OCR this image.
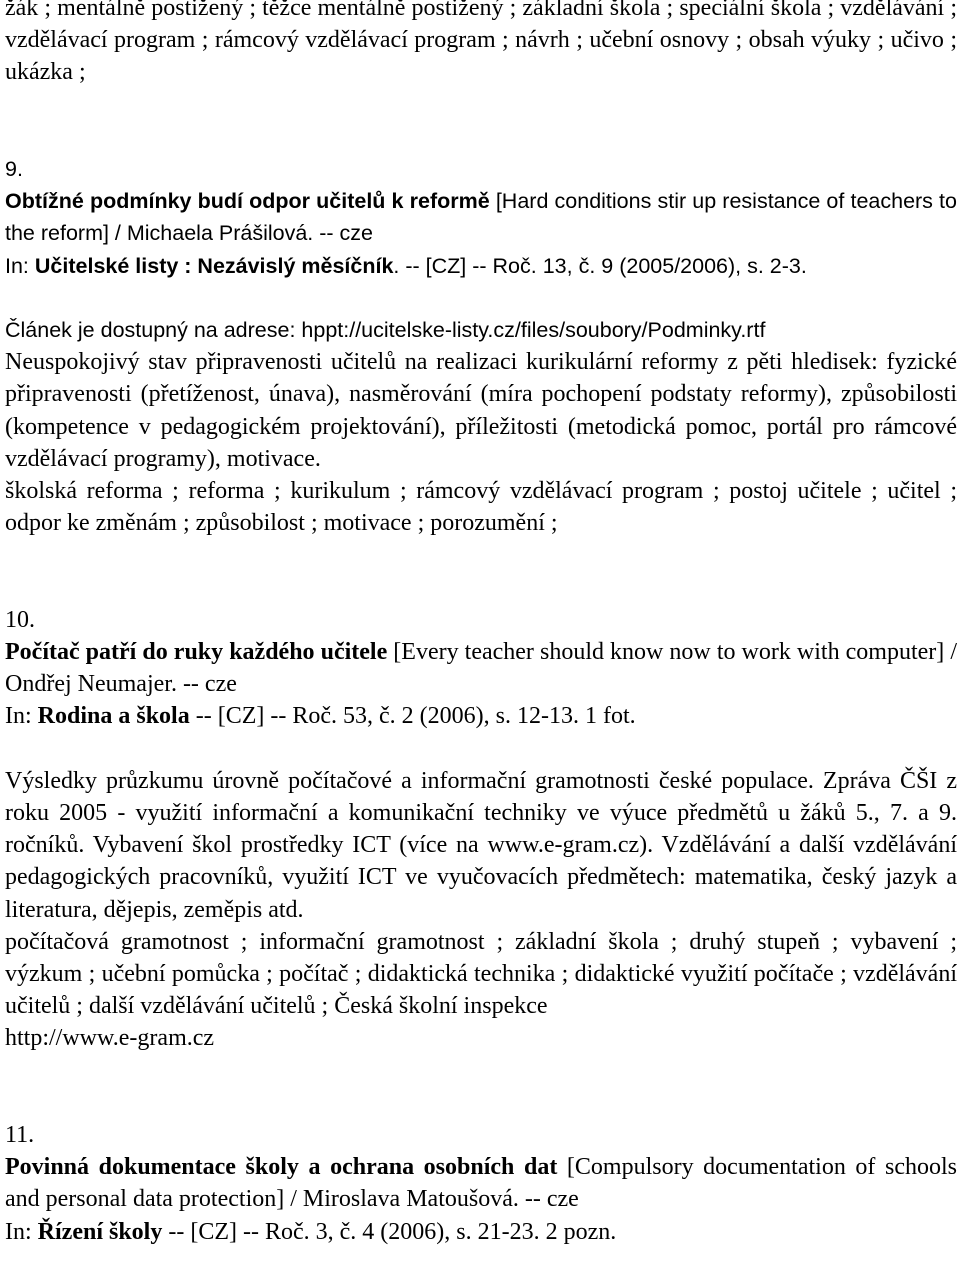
žák ; mentálně postižený ; těžce mentálně postižený ; základní škola ; speciální škola ; vzdělávání ; vzdělávací program ; rámcový vzdělávací program ; návrh ; učební osnovy ; obsah výuky ; učivo ; ukázka ;

9.

Obtížné podmínky budí odpor učitelů k reformě [Hard conditions stir up resistance of teachers to the reform] / Michaela Prášilová. -- cze

In: Učitelské listy : Nezávislý měsíčník. -- [CZ] -- Roč. 13, č. 9 (2005/2006), s. 2-3.

Článek je dostupný na adrese: hppt://ucitelske-listy.cz/files/soubory/Podminky.rtf

Neuspokojivý stav připravenosti učitelů na realizaci kurikulární reformy z pěti hledisek: fyzické připravenosti (přetíženost, únava), nasměrování (míra pochopení podstaty reformy), způsobilosti (kompetence v pedagogickém projektování), příležitosti (metodická pomoc, portál pro rámcové vzdělávací programy), motivace.

školská reforma ; reforma ; kurikulum ; rámcový vzdělávací program ; postoj učitele ; učitel ; odpor ke změnám ; způsobilost ; motivace ; porozumění ;

10.

Počítač patří do ruky každého učitele [Every teacher should know now to work with computer] / Ondřej Neumajer. -- cze

In: Rodina a škola -- [CZ] -- Roč. 53, č. 2 (2006), s. 12-13. 1 fot.

Výsledky průzkumu úrovně počítačové a informační gramotnosti české populace. Zpráva ČŠI z roku 2005 - využití informační a komunikační techniky ve výuce předmětů u žáků 5., 7. a 9. ročníků. Vybavení škol prostředky ICT (více na www.e-gram.cz). Vzdělávání a další vzdělávání pedagogických pracovníků, využití ICT ve vyučovacích předmětech: matematika, český jazyk a literatura, dějepis, zeměpis atd.

počítačová gramotnost ; informační gramotnost ; základní škola ; druhý stupeň ; vybavení ; výzkum ; učební pomůcka ; počítač ; didaktická technika ; didaktické využití počítače ; vzdělávání učitelů ; další vzdělávání učitelů ; Česká školní inspekce

http://www.e-gram.cz

11.

Povinná dokumentace školy a ochrana osobních dat [Compulsory documentation of schools and personal data protection] / Miroslava Matoušová. -- cze

In: Řízení školy -- [CZ] -- Roč. 3, č. 4 (2006), s. 21-23. 2 pozn.
